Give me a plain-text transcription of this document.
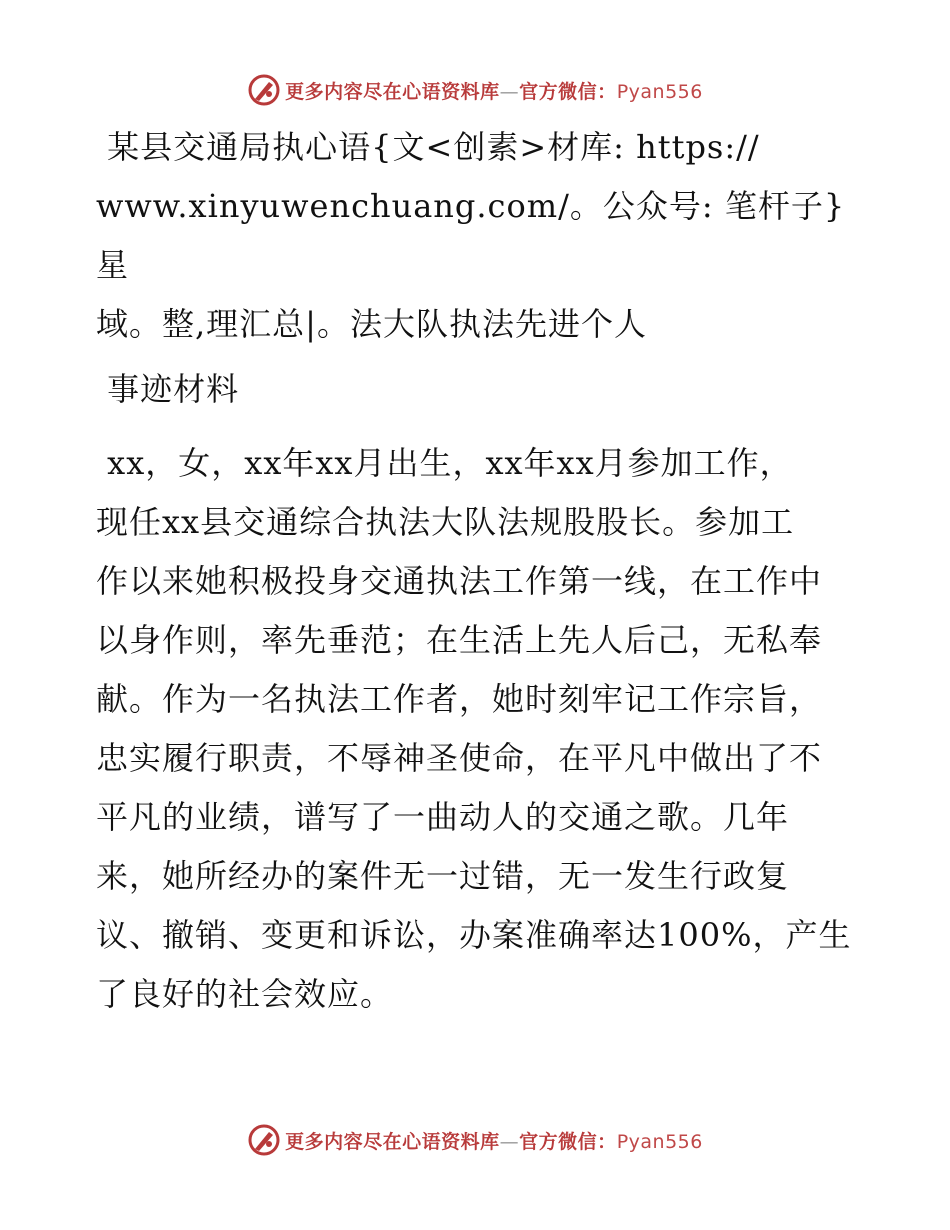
更多内容尽在心语资料库—官方微信：Pyan556

某县交通局执心语{文<创素>材库: https://

www.xinyuwenchuang.com/。公众号: 笔杆子}星

域。整,理汇总|。法大队执法先进个人

事迹材料

xx，女，xx年xx月出生，xx年xx月参加工作，

现任xx县交通综合执法大队法规股股长。参加工

作以来她积极投身交通执法工作第一线，在工作中

以身作则，率先垂范；在生活上先人后己，无私奉

献。作为一名执法工作者，她时刻牢记工作宗旨，

忠实履行职责，不辱神圣使命，在平凡中做出了不

平凡的业绩，谱写了一曲动人的交通之歌。几年

来，她所经办的案件无一过错，无一发生行政复

议、撤销、变更和诉讼，办案准确率达100%，产生

了良好的社会效应。

更多内容尽在心语资料库—官方微信：Pyan556
